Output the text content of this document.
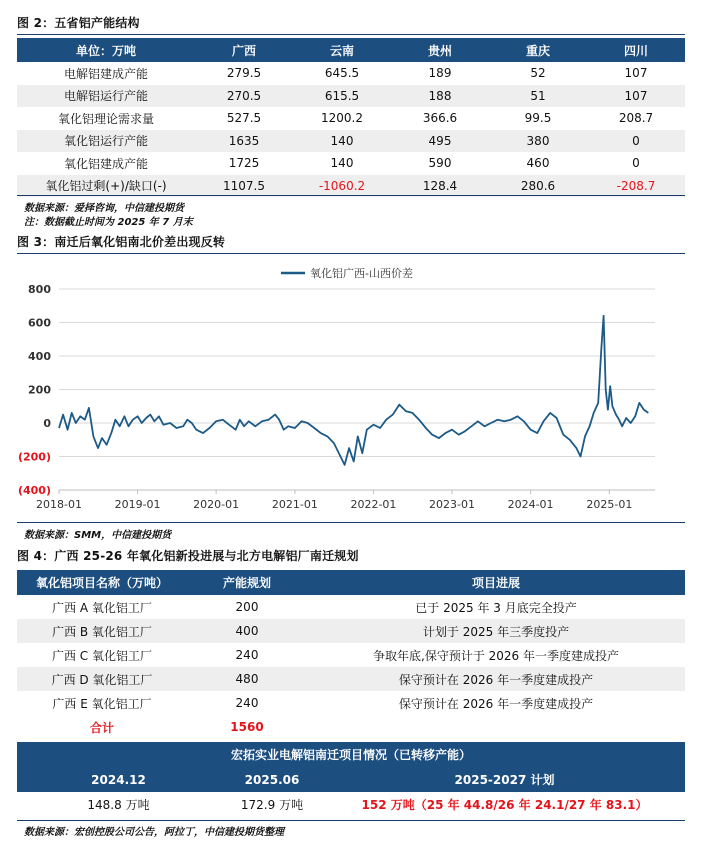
图 2：五省铝产能结构
单位：万吨	广西	云南	贵州	重庆	四川
电解铝建成产能	279.5	645.5	189	52	107
电解铝运行产能	270.5	615.5	188	51	107
氧化铝理论需求量	527.5	1200.2	366.6	99.5	208.7
氧化铝运行产能	1635	140	495	380	0
氧化铝建成产能	1725	140	590	460	0
氧化铝过剩(+)/缺口(-)	1107.5	-1060.2	128.4	280.6	-208.7
数据来源：爱择咨询，中信建投期货
注：数据截止时间为 2025 年 7 月末
图 3：南迁后氧化铝南北价差出现反转
800
600
400
200
0
(200)
(400)
2018-01	2019-01	2020-01	2021-01	2022-01	2023-01	2024-01	2025-01
氧化铝广西-山西价差
数据来源：SMM，中信建投期货
图 4：广西 25-26 年氧化铝新投进展与北方电解铝厂南迁规划
氧化铝项目名称（万吨）	产能规划	项目进展
广西 A 氧化铝工厂	200	已于 2025 年 3 月底完全投产
广西 B 氧化铝工厂	400	计划于 2025 年三季度投产
广西 C 氧化铝工厂	240	争取年底,保守预计于 2026 年一季度建成投产
广西 D 氧化铝工厂	480	保守预计在 2026 年一季度建成投产
广西 E 氧化铝工厂	240	保守预计在 2026 年一季度建成投产
合计	1560	
宏拓实业电解铝南迁项目情况（已转移产能）		
2024.12	2025.06	2025-2027 计划
148.8 万吨	172.9 万吨	152 万吨（25 年 44.8/26 年 24.1/27 年 83.1）
数据来源：宏创控股公司公告，阿拉丁，中信建投期货整理
